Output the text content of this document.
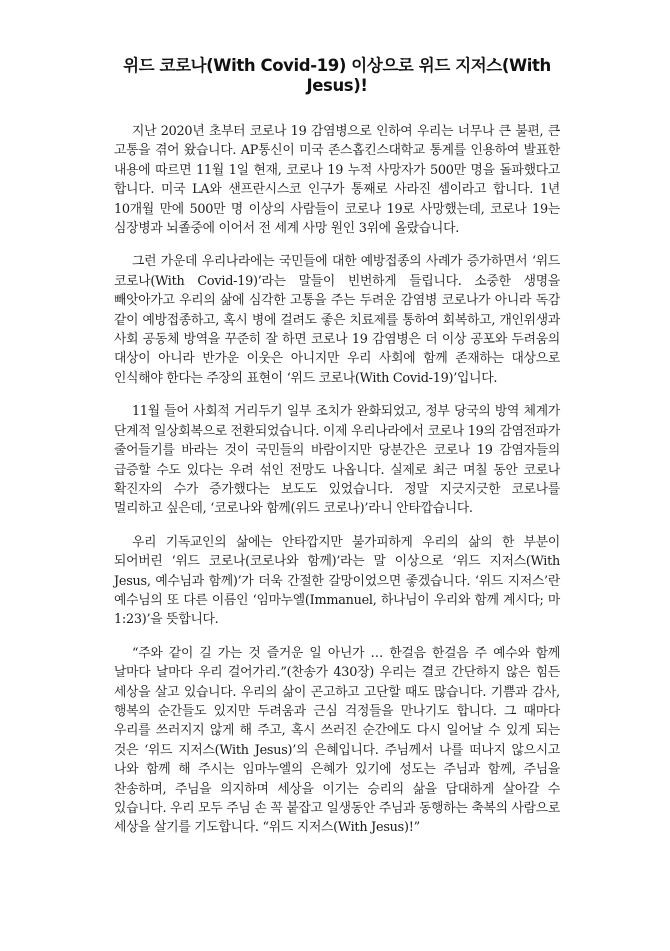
위드 코로나(With Covid-19) 이상으로 위드 지저스(With Jesus)!

지난 2020년 초부터 코로나 19 감염병으로 인하여 우리는 너무나 큰 불편, 큰 고통을 겪어 왔습니다. AP통신이 미국 존스홉킨스대학교 통계를 인용하여 발표한 내용에 따르면 11월 1일 현재, 코로나 19 누적 사망자가 500만 명을 돌파했다고 합니다. 미국 LA와 샌프란시스코 인구가 통째로 사라진 셈이라고 합니다. 1년 10개월 만에 500만 명 이상의 사람들이 코로나 19로 사망했는데, 코로나 19는 심장병과 뇌졸중에 이어서 전 세계 사망 원인 3위에 올랐습니다.

그런 가운데 우리나라에는 국민들에 대한 예방접종의 사례가 증가하면서 ‘위드 코로나(With Covid-19)’라는 말들이 빈번하게 들립니다. 소중한 생명을 빼앗아가고 우리의 삶에 심각한 고통을 주는 두려운 감염병 코로나가 아니라 독감 같이 예방접종하고, 혹시 병에 걸려도 좋은 치료제를 통하여 회복하고, 개인위생과 사회 공동체 방역을 꾸준히 잘 하면 코로나 19 감염병은 더 이상 공포와 두려움의 대상이 아니라 반가운 이웃은 아니지만 우리 사회에 함께 존재하는 대상으로 인식해야 한다는 주장의 표현이 ‘위드 코로나(With Covid-19)’입니다.

11월 들어 사회적 거리두기 일부 조치가 완화되었고, 정부 당국의 방역 체계가 단계적 일상회복으로 전환되었습니다. 이제 우리나라에서 코로나 19의 감염전파가 줄어들기를 바라는 것이 국민들의 바람이지만 당분간은 코로나 19 감염자들의 급증할 수도 있다는 우려 섞인 전망도 나옵니다. 실제로 최근 며칠 동안 코로나 확진자의 수가 증가했다는 보도도 있었습니다. 정말 지긋지긋한 코로나를 멀리하고 싶은데, ‘코로나와 함께(위드 코로나)’라니 안타깝습니다.

우리 기독교인의 삶에는 안타깝지만 불가피하게 우리의 삶의 한 부분이 되어버린 ‘위드 코로나(코로나와 함께)’라는 말 이상으로 ‘위드 지저스(With Jesus, 예수님과 함께)’가 더욱 간절한 갈망이었으면 좋겠습니다. ‘위드 지저스’란 예수님의 또 다른 이름인 ‘임마누엘(Immanuel, 하나님이 우리와 함께 계시다; 마 1:23)’을 뜻합니다.

“주와 같이 길 가는 것 즐거운 일 아닌가 … 한걸음 한걸음 주 예수와 함께 날마다 날마다 우리 걸어가리.”(찬송가 430장) 우리는 결코 간단하지 않은 힘든 세상을 살고 있습니다. 우리의 삶이 곤고하고 고단할 때도 많습니다. 기쁨과 감사, 행복의 순간들도 있지만 두려움과 근심 걱정들을 만나기도 합니다. 그 때마다 우리를 쓰러지지 않게 해 주고, 혹시 쓰러진 순간에도 다시 일어날 수 있게 되는 것은 ‘위드 지저스(With Jesus)’의 은혜입니다. 주님께서 나를 떠나지 않으시고 나와 함께 해 주시는 임마누엘의 은혜가 있기에 성도는 주님과 함께, 주님을 찬송하며, 주님을 의지하며 세상을 이기는 승리의 삶을 담대하게 살아갈 수 있습니다. 우리 모두 주님 손 꼭 붙잡고 일생동안 주님과 동행하는 축복의 사람으로 세상을 살기를 기도합니다. “위드 지저스(With Jesus)!”
